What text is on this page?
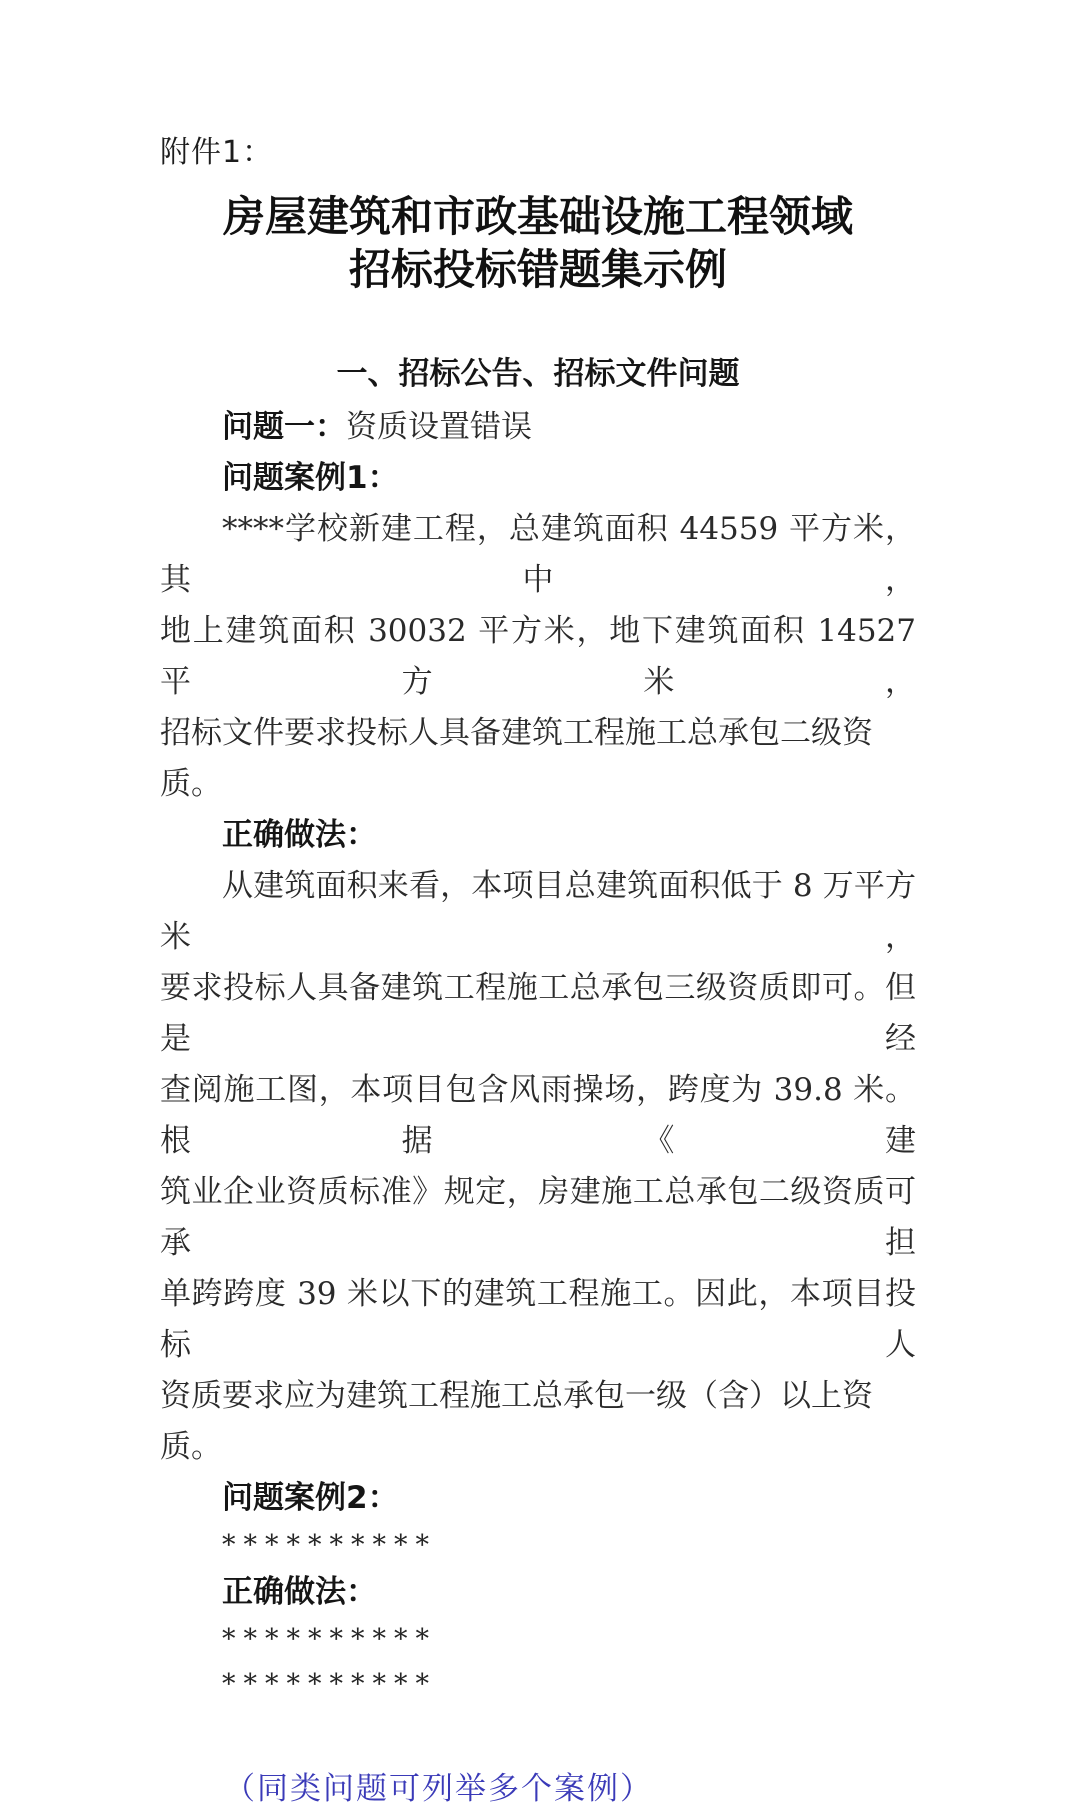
附件1：
房屋建筑和市政基础设施工程领域
招标投标错题集示例
一、招标公告、招标文件问题
问题一：资质设置错误
问题案例1：
****学校新建工程，总建筑面积 44559 平方米，其中，
地上建筑面积 30032 平方米，地下建筑面积 14527 平方米，
招标文件要求投标人具备建筑工程施工总承包二级资质。
正确做法：
从建筑面积来看，本项目总建筑面积低于 8 万平方米，
要求投标人具备建筑工程施工总承包三级资质即可。但是经
查阅施工图，本项目包含风雨操场，跨度为 39.8 米。根据《建
筑业企业资质标准》规定，房建施工总承包二级资质可承担
单跨跨度 39 米以下的建筑工程施工。因此，本项目投标人
资质要求应为建筑工程施工总承包一级（含）以上资质。
问题案例2：
**********
正确做法：
**********
**********
（同类问题可列举多个案例）
